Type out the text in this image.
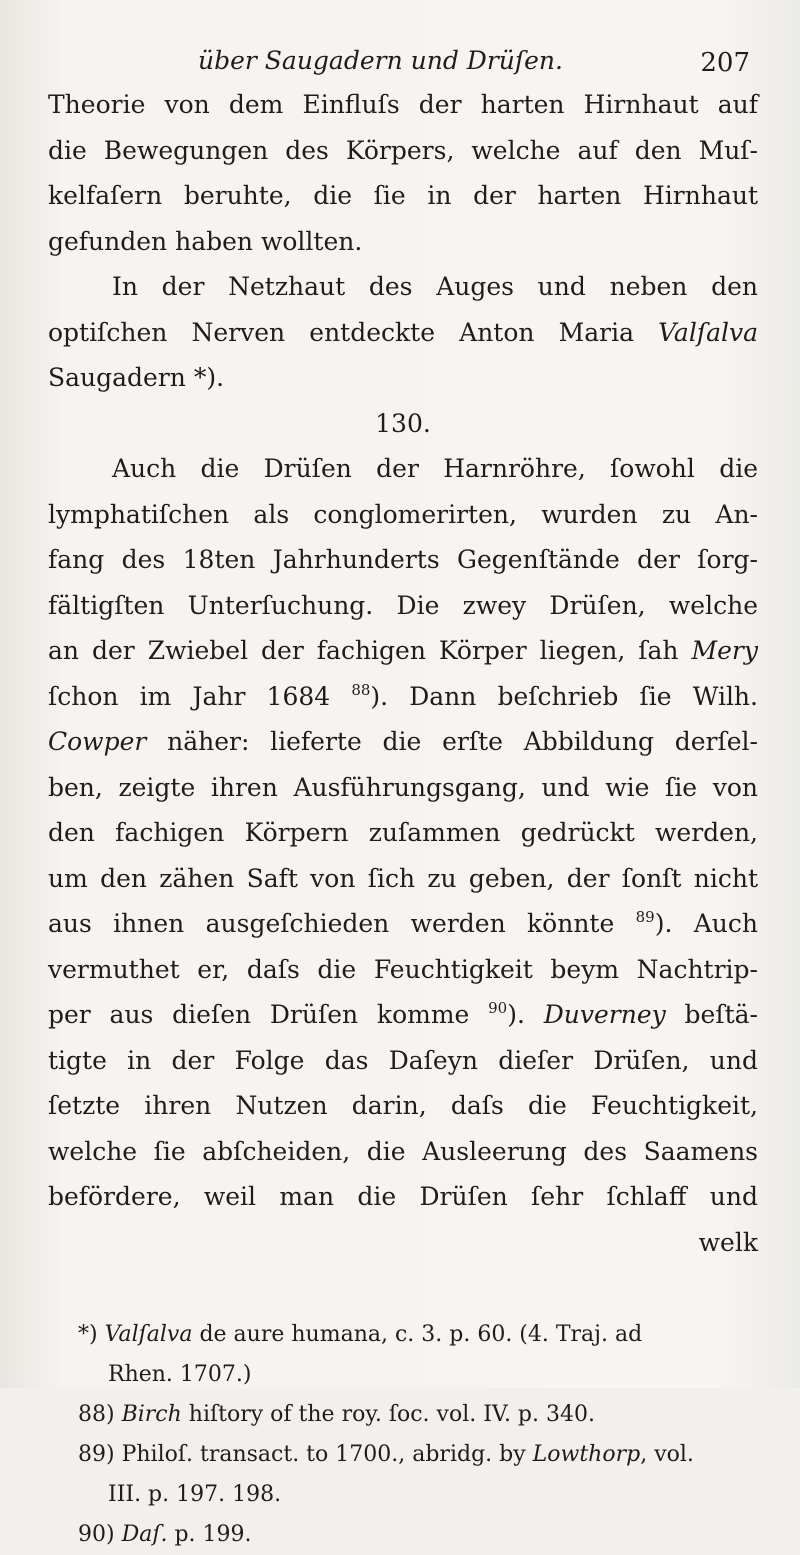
über Saugadern und Drüſen.	207
Theorie von dem Einfluſs der harten Hirnhaut auf
die Bewegungen des Körpers, welche auf den Muſ-
kelfaſern beruhte, die ſie in der harten Hirnhaut
gefunden haben wollten.
In der Netzhaut des Auges und neben den
optiſchen Nerven entdeckte Anton Maria Valſalva
Saugadern *).
130.
Auch die Drüſen der Harnröhre, ſowohl die
lymphatiſchen als conglomerirten, wurden zu An-
fang des 18ten Jahrhunderts Gegenſtände der ſorg-
fältigſten Unterſuchung. Die zwey Drüſen, welche
an der Zwiebel der fachigen Körper liegen, ſah Mery
ſchon im Jahr 1684 $^{88}$). Dann beſchrieb ſie Wilh.
Cowper näher: lieferte die erſte Abbildung derſel-
ben, zeigte ihren Ausführungsgang, und wie ſie von
den fachigen Körpern zuſammen gedrückt werden,
um den zähen Saft von ſich zu geben, der ſonſt nicht
aus ihnen ausgeſchieden werden könnte $^{89}$). Auch
vermuthet er, daſs die Feuchtigkeit beym Nachtrip-
per aus dieſen Drüſen komme $^{90}$). Duverney beſtä-
tigte in der Folge das Daſeyn dieſer Drüſen, und
ſetzte ihren Nutzen darin, daſs die Feuchtigkeit,
welche ſie abſcheiden, die Ausleerung des Saamens
befördere, weil man die Drüſen ſehr ſchlaff und
welk
*) Valſalva de aure humana, c. 3. p. 60. (4. Traj. ad
Rhen. 1707.)
88) Birch hiſtory of the roy. ſoc. vol. IV. p. 340.
89) Philoſ. transact. to 1700., abridg. by Lowthorp, vol.
III. p. 197. 198.
90) Daſ. p. 199.
